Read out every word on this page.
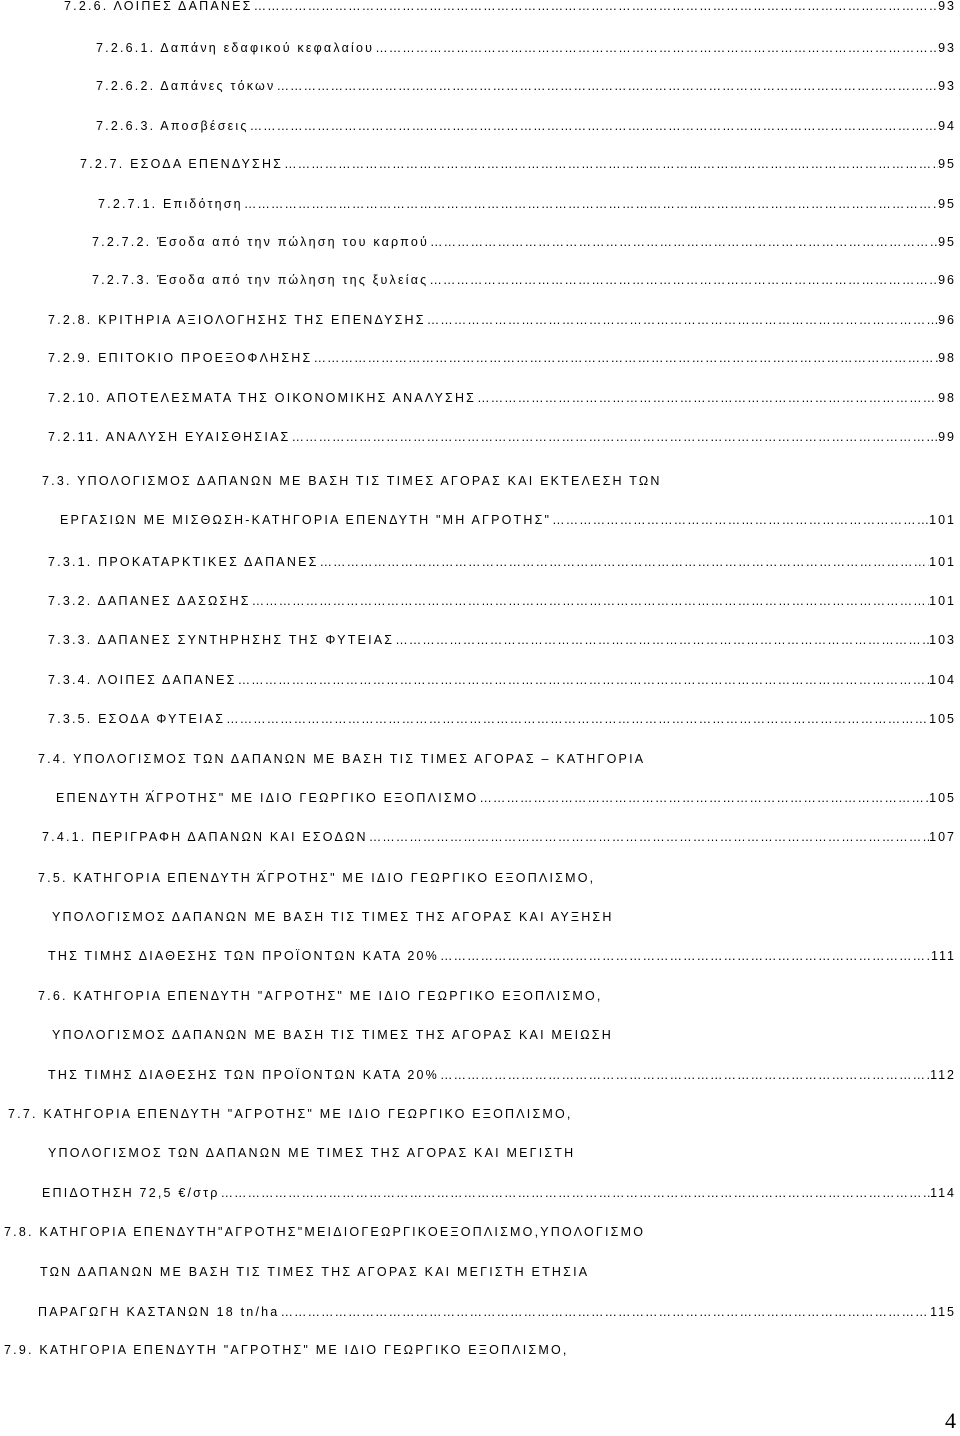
7.2.6. ΛΟΙΠΕΣ ΔΑΠΑΝΕΣ ………………………………………………………………………………………………………………………………………………………………………………………………………………………………	93
7.2.6.1. Δαπάνη εδαφικού κεφαλαίου ………………………………………………………………………………………………………………………………………………………………………………………………………………………………	93
7.2.6.2. Δαπάνες τόκων ………………………………………………………………………………………………………………………………………………………………………………………………………………………………	93
7.2.6.3. Αποσβέσεις ………………………………………………………………………………………………………………………………………………………………………………………………………………………………	94
7.2.7. ΕΣΟΔΑ ΕΠΕΝΔΥΣΗΣ ………………………………………………………………………………………………………………………………………………………………………………………………………………………………	95
7.2.7.1. Επιδότηση ………………………………………………………………………………………………………………………………………………………………………………………………………………………………	95
7.2.7.2. Έσοδα από την πώληση του καρπού ………………………………………………………………………………………………………………………………………………………………………………………………………………………………	95
7.2.7.3. Έσοδα από την πώληση της ξυλείας ………………………………………………………………………………………………………………………………………………………………………………………………………………………………	96
7.2.8. ΚΡΙΤΗΡΙΑ ΑΞΙΟΛΟΓΗΣΗΣ ΤΗΣ ΕΠΕΝΔΥΣΗΣ ………………………………………………………………………………………………………………………………………………………………………………………………………………………………	96
7.2.9. ΕΠΙΤΟΚΙΟ ΠΡΟΕΞΟΦΛΗΣΗΣ ………………………………………………………………………………………………………………………………………………………………………………………………………………………………	98
7.2.10. ΑΠΟΤΕΛΕΣΜΑΤΑ ΤΗΣ ΟΙΚΟΝΟΜΙΚΗΣ ΑΝΑΛΥΣΗΣ ………………………………………………………………………………………………………………………………………………………………………………………………………………………………	98
7.2.11. ΑΝΑΛΥΣΗ ΕΥΑΙΣΘΗΣΙΑΣ ………………………………………………………………………………………………………………………………………………………………………………………………………………………………	99
7.3. ΥΠΟΛΟΓΙΣΜΟΣ ΔΑΠΑΝΩΝ ΜΕ ΒΑΣΗ ΤΙΣ ΤΙΜΕΣ ΑΓΟΡΑΣ ΚΑΙ ΕΚΤΕΛΕΣΗ ΤΩΝ
ΕΡΓΑΣΙΩΝ ΜΕ ΜΙΣΘΩΣΗ-ΚΑΤΗΓΟΡΙΑ ΕΠΕΝΔΥΤΗ "ΜΗ ΑΓΡΟΤΗΣ" ………………………………………………………………………………………………………………………………………………………………………………………………………………………………	101
7.3.1. ΠΡΟΚΑΤΑΡΚΤΙΚΕΣ ΔΑΠΑΝΕΣ ………………………………………………………………………………………………………………………………………………………………………………………………………………………………	101
7.3.2. ΔΑΠΑΝΕΣ ΔΑΣΩΣΗΣ ………………………………………………………………………………………………………………………………………………………………………………………………………………………………	101
7.3.3. ΔΑΠΑΝΕΣ ΣΥΝΤΗΡΗΣΗΣ ΤΗΣ ΦΥΤΕΙΑΣ ………………………………………………………………………………………………………………………………………………………………………………………………………………………………	103
7.3.4. ΛΟΙΠΕΣ ΔΑΠΑΝΕΣ ………………………………………………………………………………………………………………………………………………………………………………………………………………………………	104
7.3.5. ΕΣΟΔΑ ΦΥΤΕΙΑΣ ………………………………………………………………………………………………………………………………………………………………………………………………………………………………	105
7.4. ΥΠΟΛΟΓΙΣΜΟΣ ΤΩΝ ΔΑΠΑΝΩΝ ΜΕ ΒΑΣΗ ΤΙΣ ΤΙΜΕΣ ΑΓΟΡΑΣ – ΚΑΤΗΓΟΡΙΑ
ΕΠΕΝΔΥΤΗ Ά́ΓΡΟΤΗΣ" ΜΕ ΙΔΙΟ ΓΕΩΡΓΙΚΟ ΕΞΟΠΛΙΣΜΟ ………………………………………………………………………………………………………………………………………………………………………………………………………………………………	105
7.4.1. ΠΕΡΙΓΡΑΦΗ ΔΑΠΑΝΩΝ ΚΑΙ ΕΣΟΔΩΝ ………………………………………………………………………………………………………………………………………………………………………………………………………………………………	107
7.5. ΚΑΤΗΓΟΡΙΑ ΕΠΕΝΔΥΤΗ Ά́ΓΡΟΤΗΣ" ΜΕ ΙΔΙΟ ΓΕΩΡΓΙΚΟ ΕΞΟΠΛΙΣΜΟ,
ΥΠΟΛΟΓΙΣΜΟΣ ΔΑΠΑΝΩΝ ΜΕ ΒΑΣΗ ΤΙΣ ΤΙΜΕΣ ΤΗΣ ΑΓΟΡΑΣ ΚΑΙ ΑΥΞΗΣΗ
ΤΗΣ ΤΙΜΗΣ ΔΙΑΘΕΣΗΣ ΤΩΝ ΠΡΟΪΟΝΤΩΝ ΚΑΤΑ 20% ………………………………………………………………………………………………………………………………………………………………………………………………………………………………	111
7.6. ΚΑΤΗΓΟΡΙΑ ΕΠΕΝΔΥΤΗ "ΑΓΡΟΤΗΣ" ΜΕ ΙΔΙΟ ΓΕΩΡΓΙΚΟ ΕΞΟΠΛΙΣΜΟ,
ΥΠΟΛΟΓΙΣΜΟΣ ΔΑΠΑΝΩΝ ΜΕ ΒΑΣΗ ΤΙΣ ΤΙΜΕΣ ΤΗΣ ΑΓΟΡΑΣ ΚΑΙ ΜΕΙΩΣΗ
ΤΗΣ ΤΙΜΗΣ ΔΙΑΘΕΣΗΣ ΤΩΝ ΠΡΟΪΟΝΤΩΝ ΚΑΤΑ 20% ………………………………………………………………………………………………………………………………………………………………………………………………………………………………	112
7.7. ΚΑΤΗΓΟΡΙΑ ΕΠΕΝΔΥΤΗ "ΑΓΡΟΤΗΣ" ΜΕ ΙΔΙΟ ΓΕΩΡΓΙΚΟ ΕΞΟΠΛΙΣΜΟ,
ΥΠΟΛΟΓΙΣΜΟΣ ΤΩΝ ΔΑΠΑΝΩΝ ΜΕ ΤΙΜΕΣ ΤΗΣ ΑΓΟΡΑΣ ΚΑΙ ΜΕΓΙΣΤΗ
ΕΠΙΔΟΤΗΣΗ 72,5 €/στρ ………………………………………………………………………………………………………………………………………………………………………………………………………………………………	114
7.8. ΚΑΤΗΓΟΡΙΑ ΕΠΕΝΔΥΤΗ"ΑΓΡΟΤΗΣ"ΜΕΙΔΙΟΓΕΩΡΓΙΚΟΕΞΟΠΛΙΣΜΟ,ΥΠΟΛΟΓΙΣΜΟ
ΤΩΝ ΔΑΠΑΝΩΝ ΜΕ ΒΑΣΗ ΤΙΣ ΤΙΜΕΣ ΤΗΣ ΑΓΟΡΑΣ ΚΑΙ ΜΕΓΙΣΤΗ ΕΤΗΣΙΑ
ΠΑΡΑΓΩΓΗ ΚΑΣΤΑΝΩΝ 18 tn/ha ………………………………………………………………………………………………………………………………………………………………………………………………………………………………	115
7.9. ΚΑΤΗΓΟΡΙΑ ΕΠΕΝΔΥΤΗ "ΑΓΡΟΤΗΣ" ΜΕ ΙΔΙΟ ΓΕΩΡΓΙΚΟ ΕΞΟΠΛΙΣΜΟ,
4
